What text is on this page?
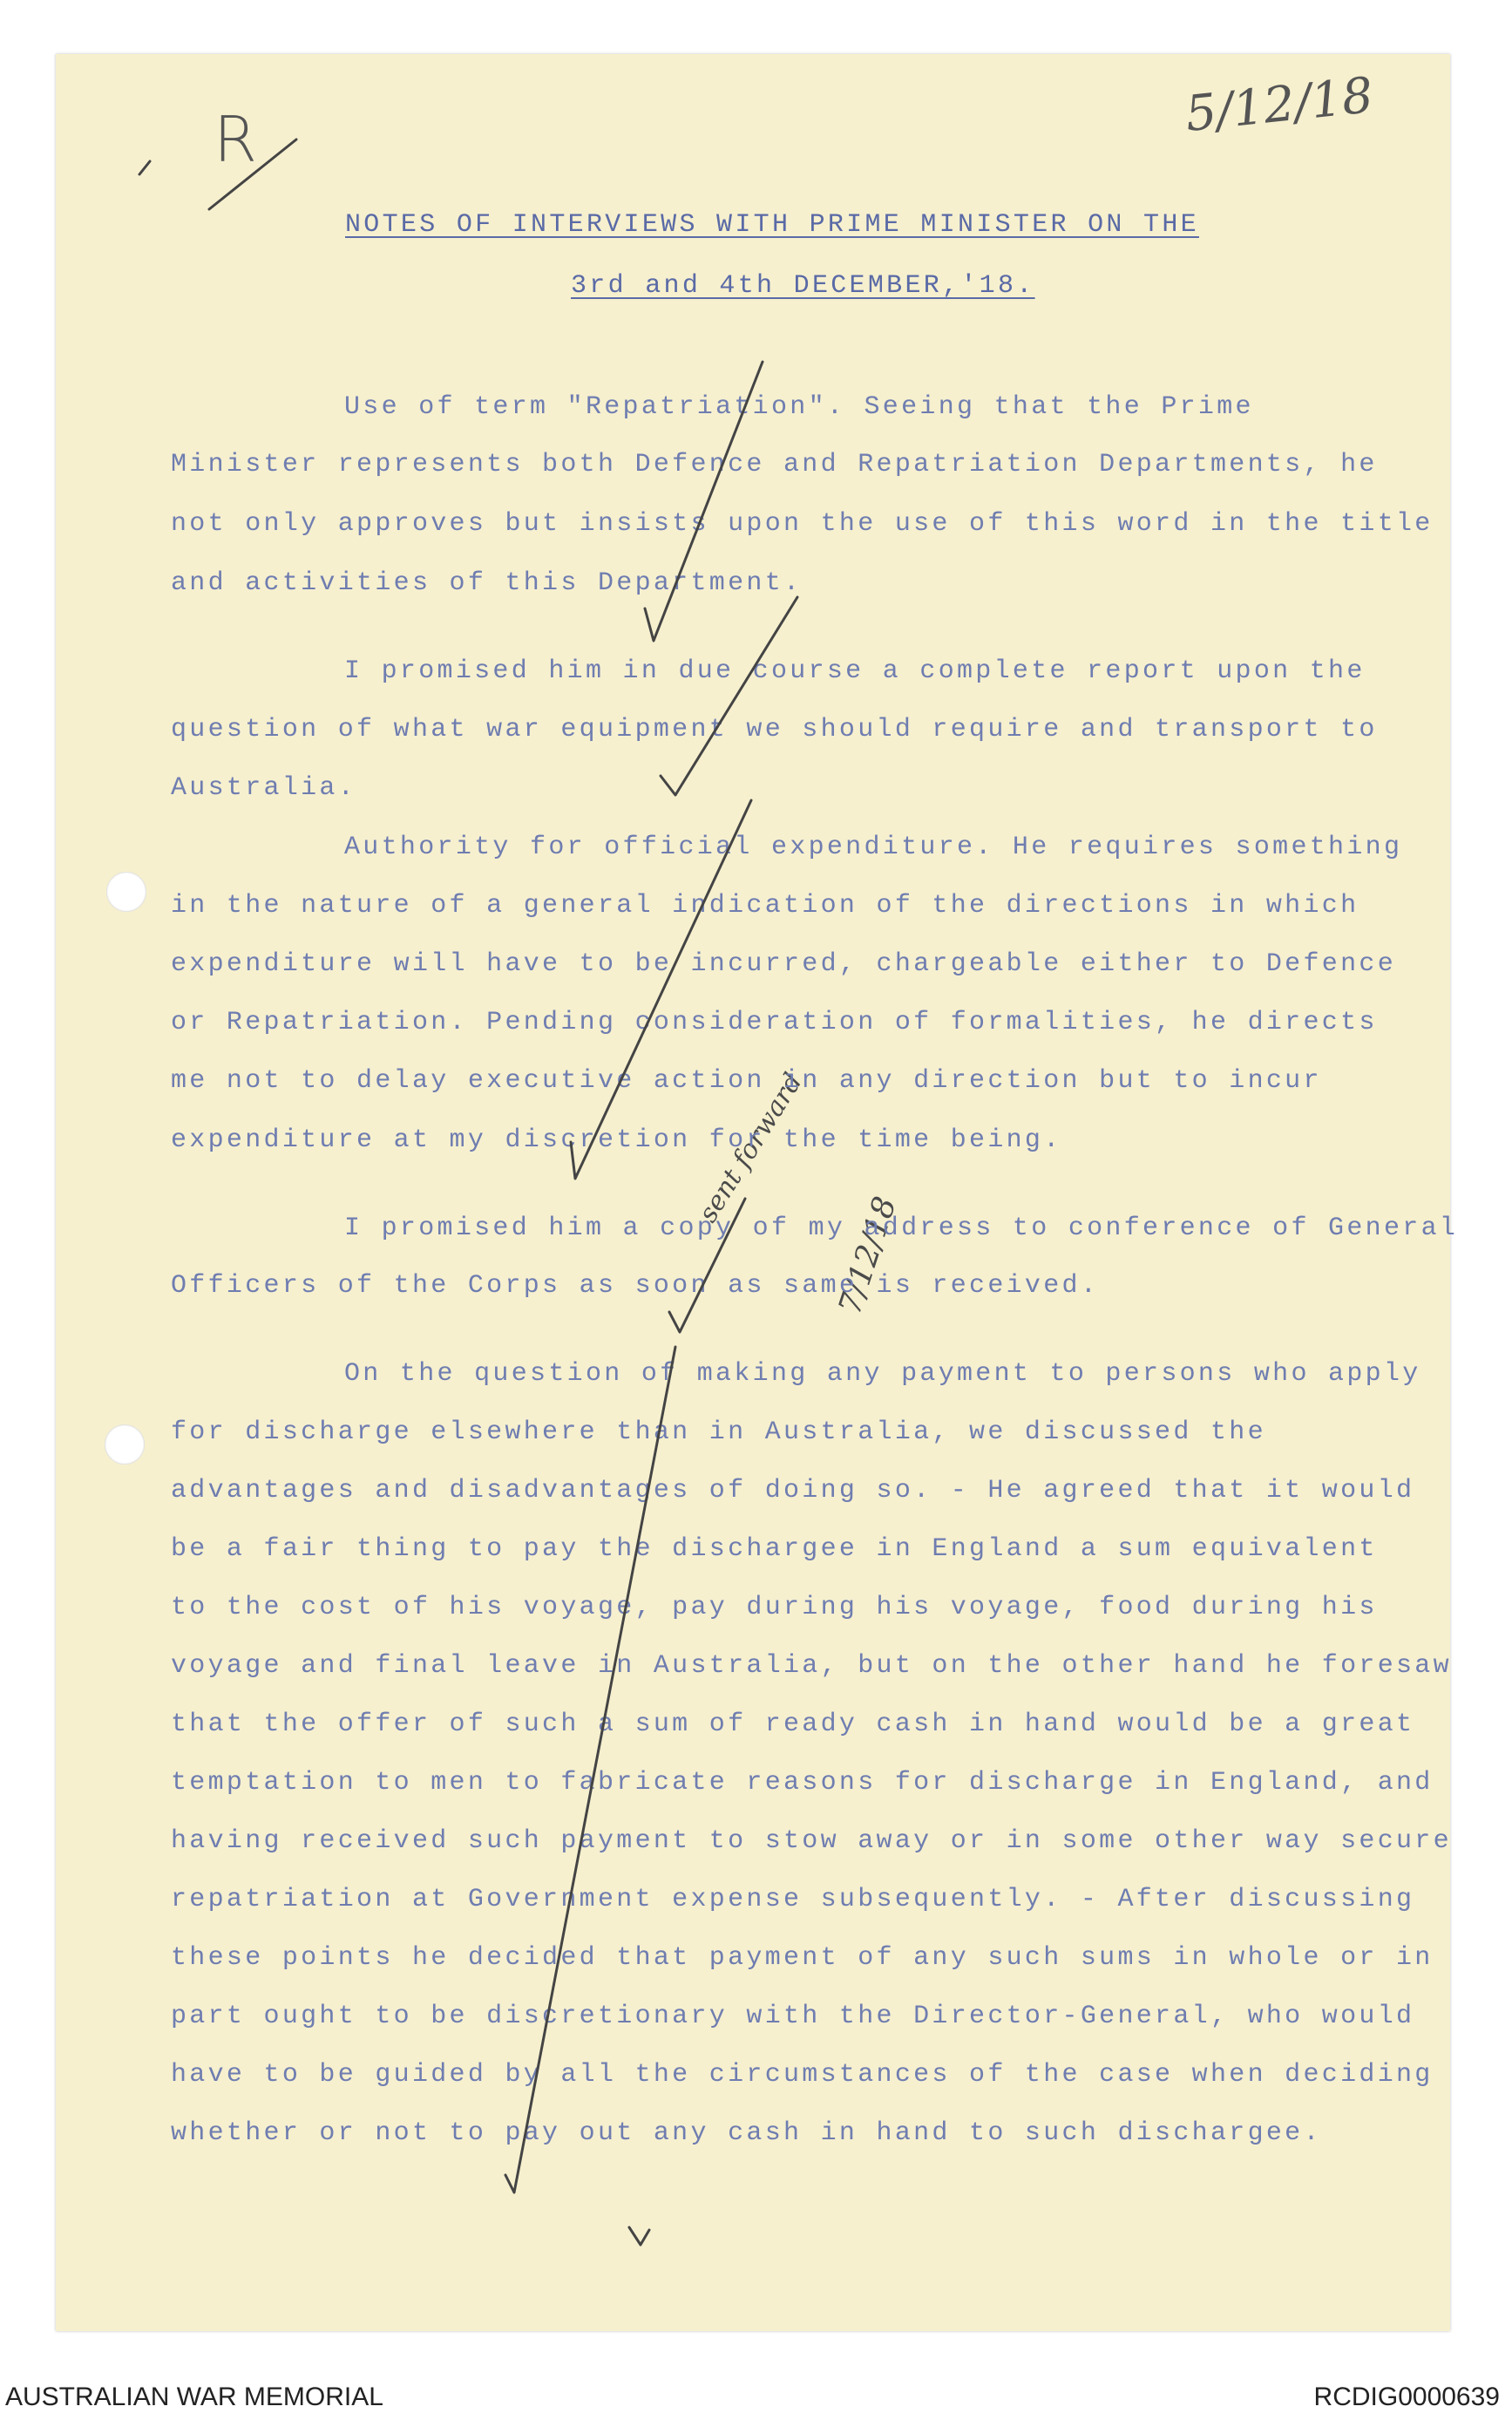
5/12/18
R
sent forward
7/12/18
NOTES OF INTERVIEWS WITH PRIME MINISTER ON THE
3rd and 4th DECEMBER,'18.
Use of term "Repatriation". Seeing that the Prime
Minister represents both Defence and Repatriation Departments, he
not only approves but insists upon the use of this word in the title
and activities of this Department.
I promised him in due course a complete report upon the
question of what war equipment we should require and transport to
Australia.
Authority for official expenditure. He requires something
in the nature of a general indication of the directions in which
expenditure will have to be incurred, chargeable either to Defence
or Repatriation. Pending consideration of formalities, he directs
me not to delay executive action in any direction but to incur
expenditure at my discretion for the time being.
I promised him a copy of my address to conference of General
Officers of the Corps as soon as same is received.
On the question of making any payment to persons who apply
for discharge elsewhere than in Australia, we discussed the
advantages and disadvantages of doing so. - He agreed that it would
be a fair thing to pay the dischargee in England a sum equivalent
to the cost of his voyage, pay during his voyage, food during his
voyage and final leave in Australia, but on the other hand he foresaw
that the offer of such a sum of ready cash in hand would be a great
temptation to men to fabricate reasons for discharge in England, and
having received such payment to stow away or in some other way secure
repatriation at Government expense subsequently. - After discussing
these points he decided that payment of any such sums in whole or in
part ought to be discretionary with the Director-General, who would
have to be guided by all the circumstances of the case when deciding
whether or not to pay out any cash in hand to such dischargee.
AUSTRALIAN WAR MEMORIAL	RCDIG0000639
